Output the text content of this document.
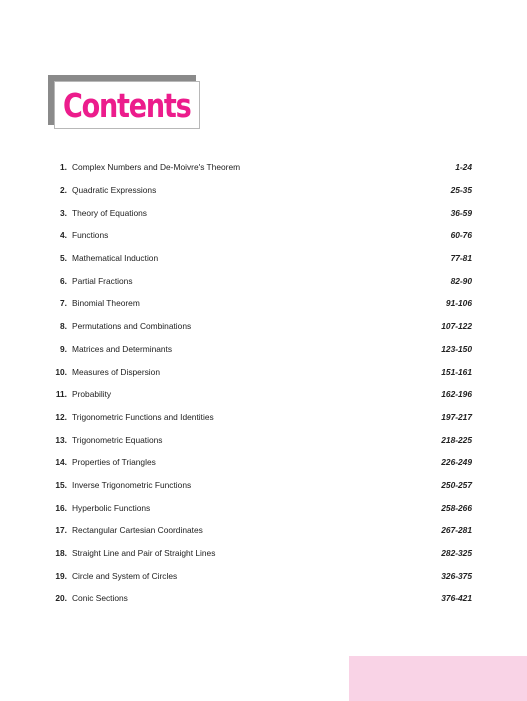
Contents
1. Complex Numbers and De-Moivre's Theorem	1-24
2. Quadratic Expressions	25-35
3. Theory of Equations	36-59
4. Functions	60-76
5. Mathematical Induction	77-81
6. Partial Fractions	82-90
7. Binomial Theorem	91-106
8. Permutations and Combinations	107-122
9. Matrices and Determinants	123-150
10. Measures of Dispersion	151-161
11. Probability	162-196
12. Trigonometric Functions and Identities	197-217
13. Trigonometric Equations	218-225
14. Properties of Triangles	226-249
15. Inverse Trigonometric Functions	250-257
16. Hyperbolic Functions	258-266
17. Rectangular Cartesian Coordinates	267-281
18. Straight Line and Pair of Straight Lines	282-325
19. Circle and System of Circles	326-375
20. Conic Sections	376-421
